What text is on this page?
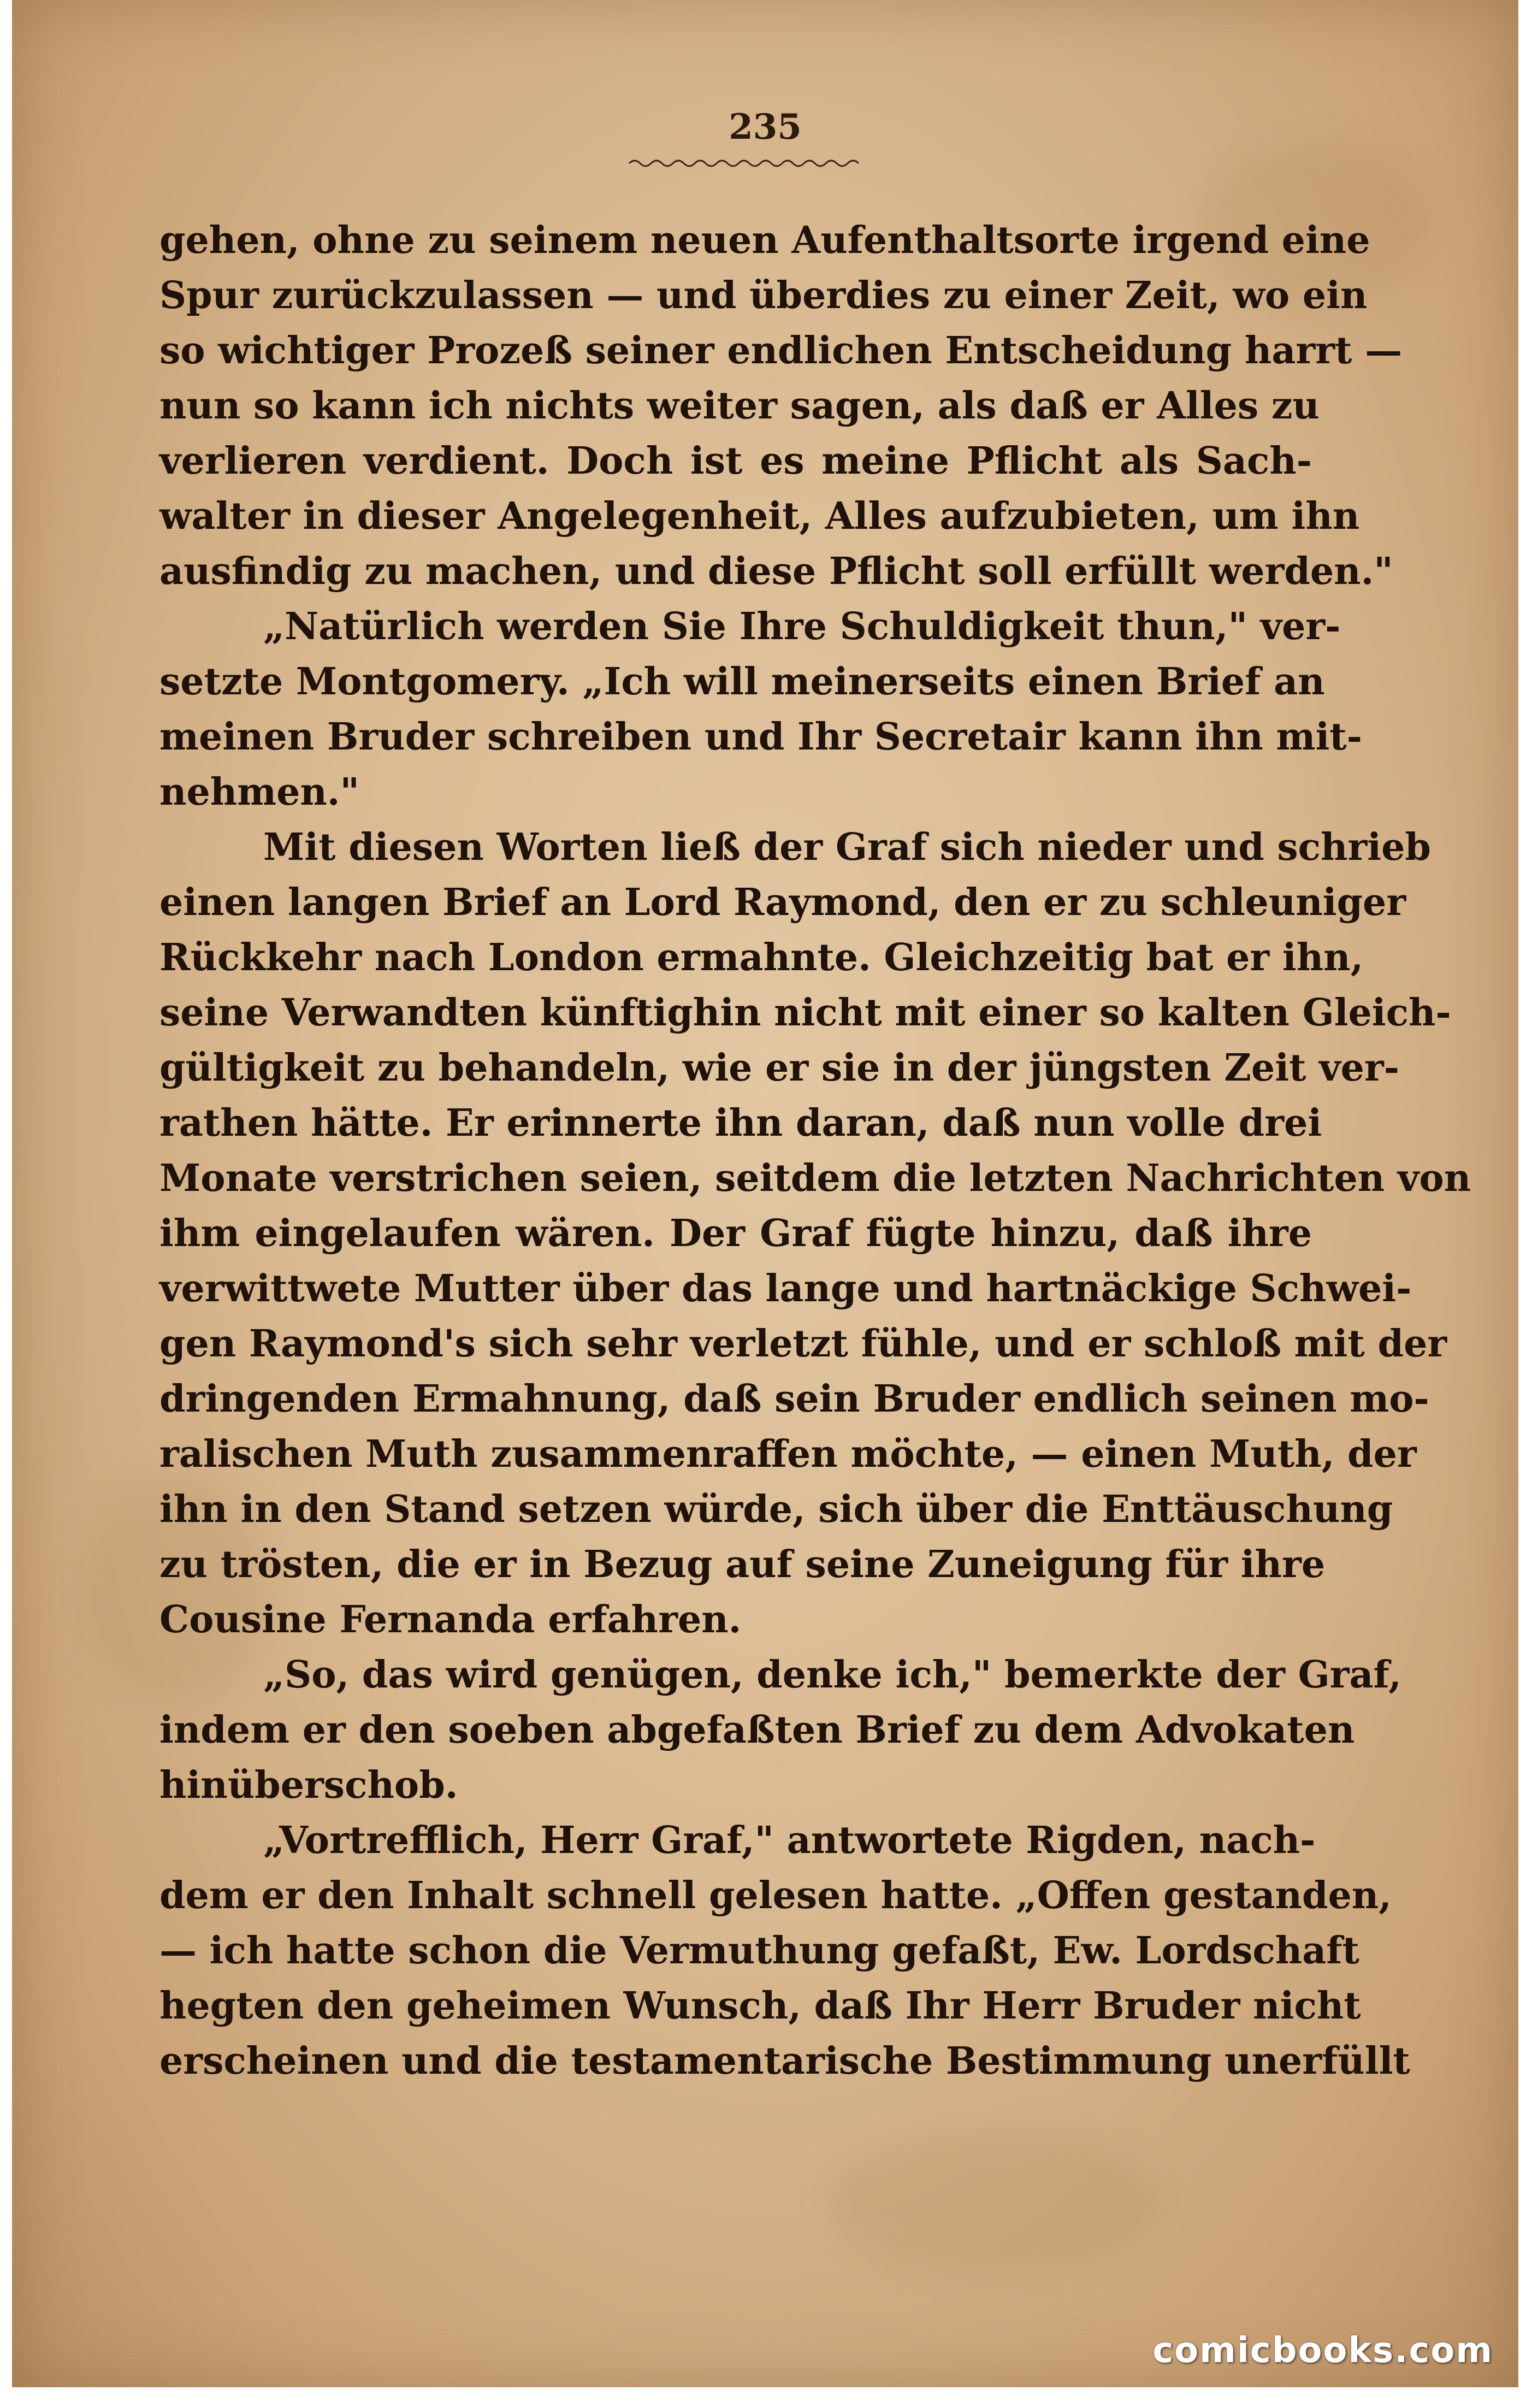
235
gehen, ohne zu seinem neuen Aufenthaltsorte irgend eine
Spur zurückzulassen — und überdies zu einer Zeit, wo ein
so wichtiger Prozeß seiner endlichen Entscheidung harrt —
nun so kann ich nichts weiter sagen, als daß er Alles zu
verlieren verdient. Doch ist es meine Pflicht als Sach-
walter in dieser Angelegenheit, Alles aufzubieten, um ihn
ausfindig zu machen, und diese Pflicht soll erfüllt werden."
„Natürlich werden Sie Ihre Schuldigkeit thun," ver-
setzte Montgomery. „Ich will meinerseits einen Brief an
meinen Bruder schreiben und Ihr Secretair kann ihn mit-
nehmen."
Mit diesen Worten ließ der Graf sich nieder und schrieb
einen langen Brief an Lord Raymond, den er zu schleuniger
Rückkehr nach London ermahnte. Gleichzeitig bat er ihn,
seine Verwandten künftighin nicht mit einer so kalten Gleich-
gültigkeit zu behandeln, wie er sie in der jüngsten Zeit ver-
rathen hätte. Er erinnerte ihn daran, daß nun volle drei
Monate verstrichen seien, seitdem die letzten Nachrichten von
ihm eingelaufen wären. Der Graf fügte hinzu, daß ihre
verwittwete Mutter über das lange und hartnäckige Schwei-
gen Raymond's sich sehr verletzt fühle, und er schloß mit der
dringenden Ermahnung, daß sein Bruder endlich seinen mo-
ralischen Muth zusammenraffen möchte, — einen Muth, der
ihn in den Stand setzen würde, sich über die Enttäuschung
zu trösten, die er in Bezug auf seine Zuneigung für ihre
Cousine Fernanda erfahren.
„So, das wird genügen, denke ich," bemerkte der Graf,
indem er den soeben abgefaßten Brief zu dem Advokaten
hinüberschob.
„Vortrefflich, Herr Graf," antwortete Rigden, nach-
dem er den Inhalt schnell gelesen hatte. „Offen gestanden,
— ich hatte schon die Vermuthung gefaßt, Ew. Lordschaft
hegten den geheimen Wunsch, daß Ihr Herr Bruder nicht
erscheinen und die testamentarische Bestimmung unerfüllt
comicbooks.com
